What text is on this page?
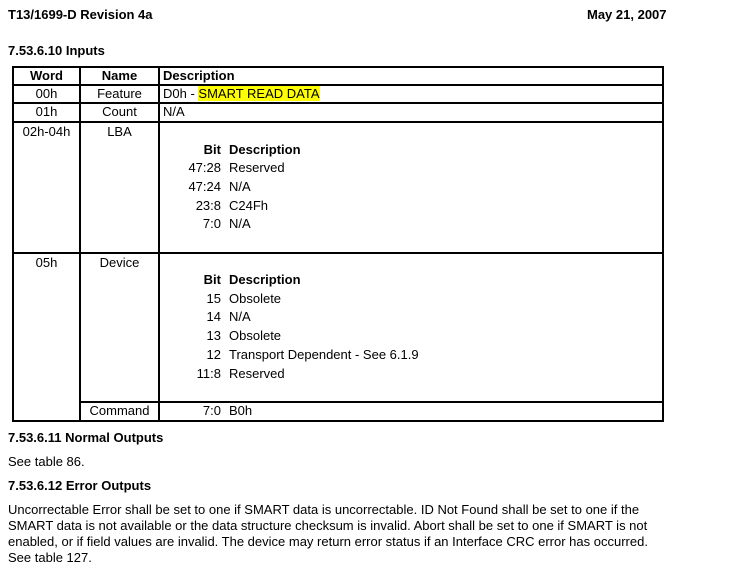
T13/1699-D Revision 4a	May 21, 2007
7.53.6.10 Inputs
Word	Name	Description
00h	Feature	D0h - SMART READ DATA
01h	Count	N/A
02h-04h	LBA
Bit Description
47:28 Reserved
47:24 N/A
23:8 C24Fh
7:0 N/A
05h	Device
Bit Description
15 Obsolete
14 N/A
13 Obsolete
12 Transport Dependent - See 6.1.9
11:8 Reserved
Command	7:0 B0h
7.53.6.11 Normal Outputs
See table 86.
7.53.6.12 Error Outputs
Uncorrectable Error shall be set to one if SMART data is uncorrectable. ID Not Found shall be set to one if the
SMART data is not available or the data structure checksum is invalid. Abort shall be set to one if SMART is not
enabled, or if field values are invalid. The device may return error status if an Interface CRC error has occurred.
See table 127.
